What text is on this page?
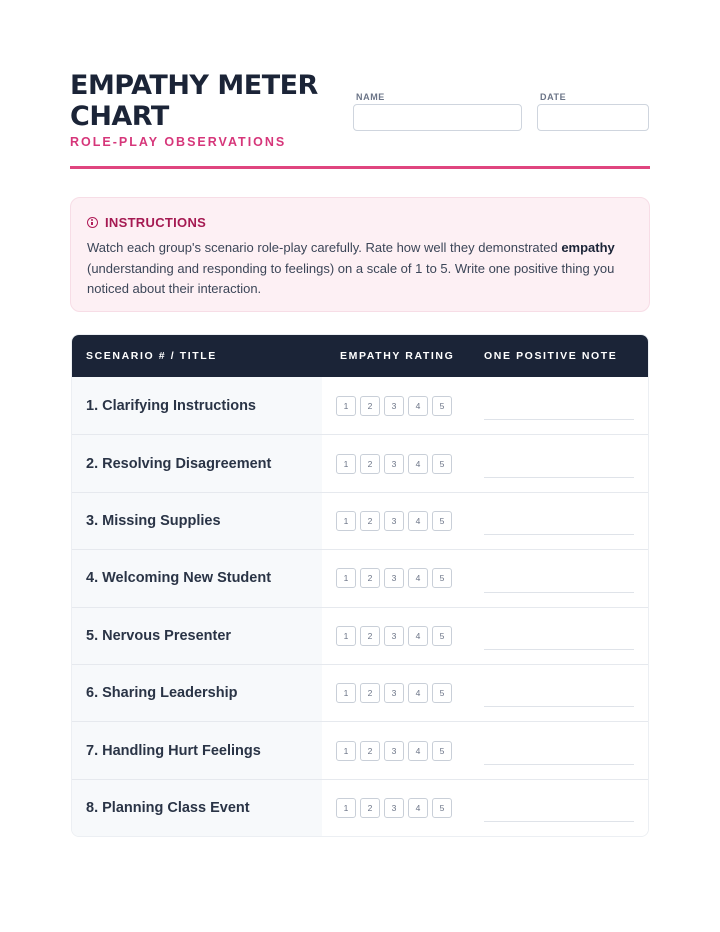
EMPATHY METER CHART
ROLE-PLAY OBSERVATIONS
NAME	DATE
INSTRUCTIONS
Watch each group's scenario role-play carefully. Rate how well they demonstrated empathy (understanding and responding to feelings) on a scale of 1 to 5. Write one positive thing you noticed about their interaction.
SCENARIO # / TITLE	EMPATHY RATING	ONE POSITIVE NOTE
1. Clarifying Instructions	1	2	3	4	5
2. Resolving Disagreement	1	2	3	4	5
3. Missing Supplies	1	2	3	4	5
4. Welcoming New Student	1	2	3	4	5
5. Nervous Presenter	1	2	3	4	5
6. Sharing Leadership	1	2	3	4	5
7. Handling Hurt Feelings	1	2	3	4	5
8. Planning Class Event	1	2	3	4	5
